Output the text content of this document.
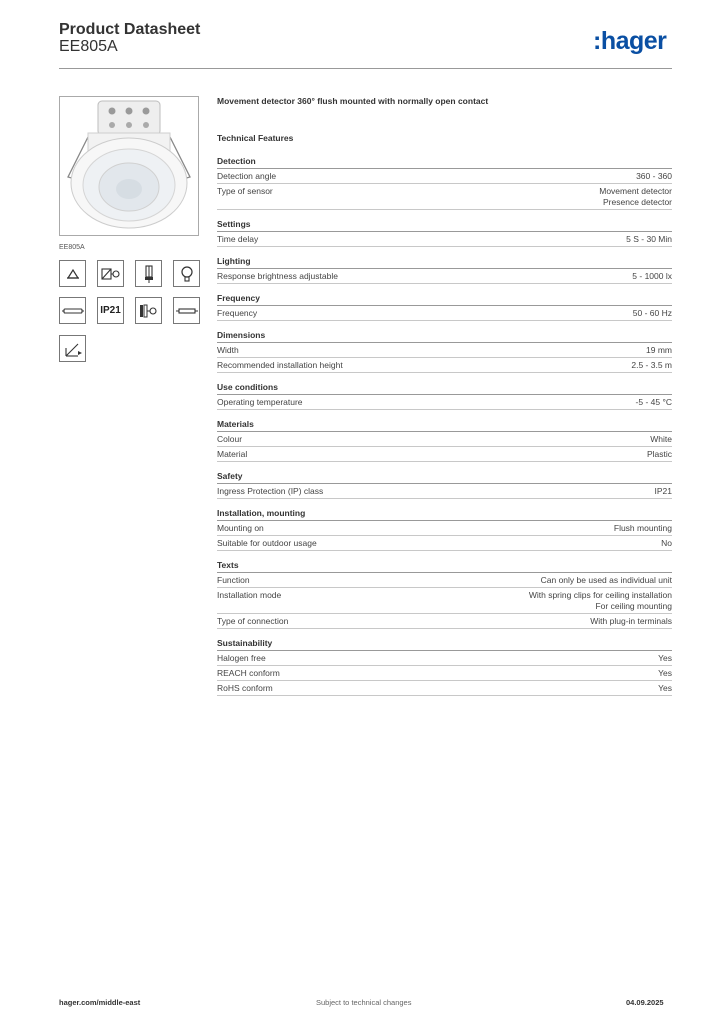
Product Datasheet
EE805A	:hager
EE805A
IP21
Movement detector 360° flush mounted with normally open contact
Technical Features
Detection
Detection angle	360 - 360
Type of sensor	Movement detector
Presence detector
Settings
Time delay	5 S - 30 Min
Lighting
Response brightness adjustable	5 - 1000 lx
Frequency
Frequency	50 - 60 Hz
Dimensions
Width	19 mm
Recommended installation height	2.5 - 3.5 m
Use conditions
Operating temperature	-5 - 45 °C
Materials
Colour	White
Material	Plastic
Safety
Ingress Protection (IP) class	IP21
Installation, mounting
Mounting on	Flush mounting
Suitable for outdoor usage	No
Texts
Function	Can only be used as individual unit
Installation mode	With spring clips for ceiling installation
For ceiling mounting
Type of connection	With plug-in terminals
Sustainability
Halogen free	Yes
REACH conform	Yes
RoHS conform	Yes
hager.com/middle-east	Subject to technical changes	04.09.2025
